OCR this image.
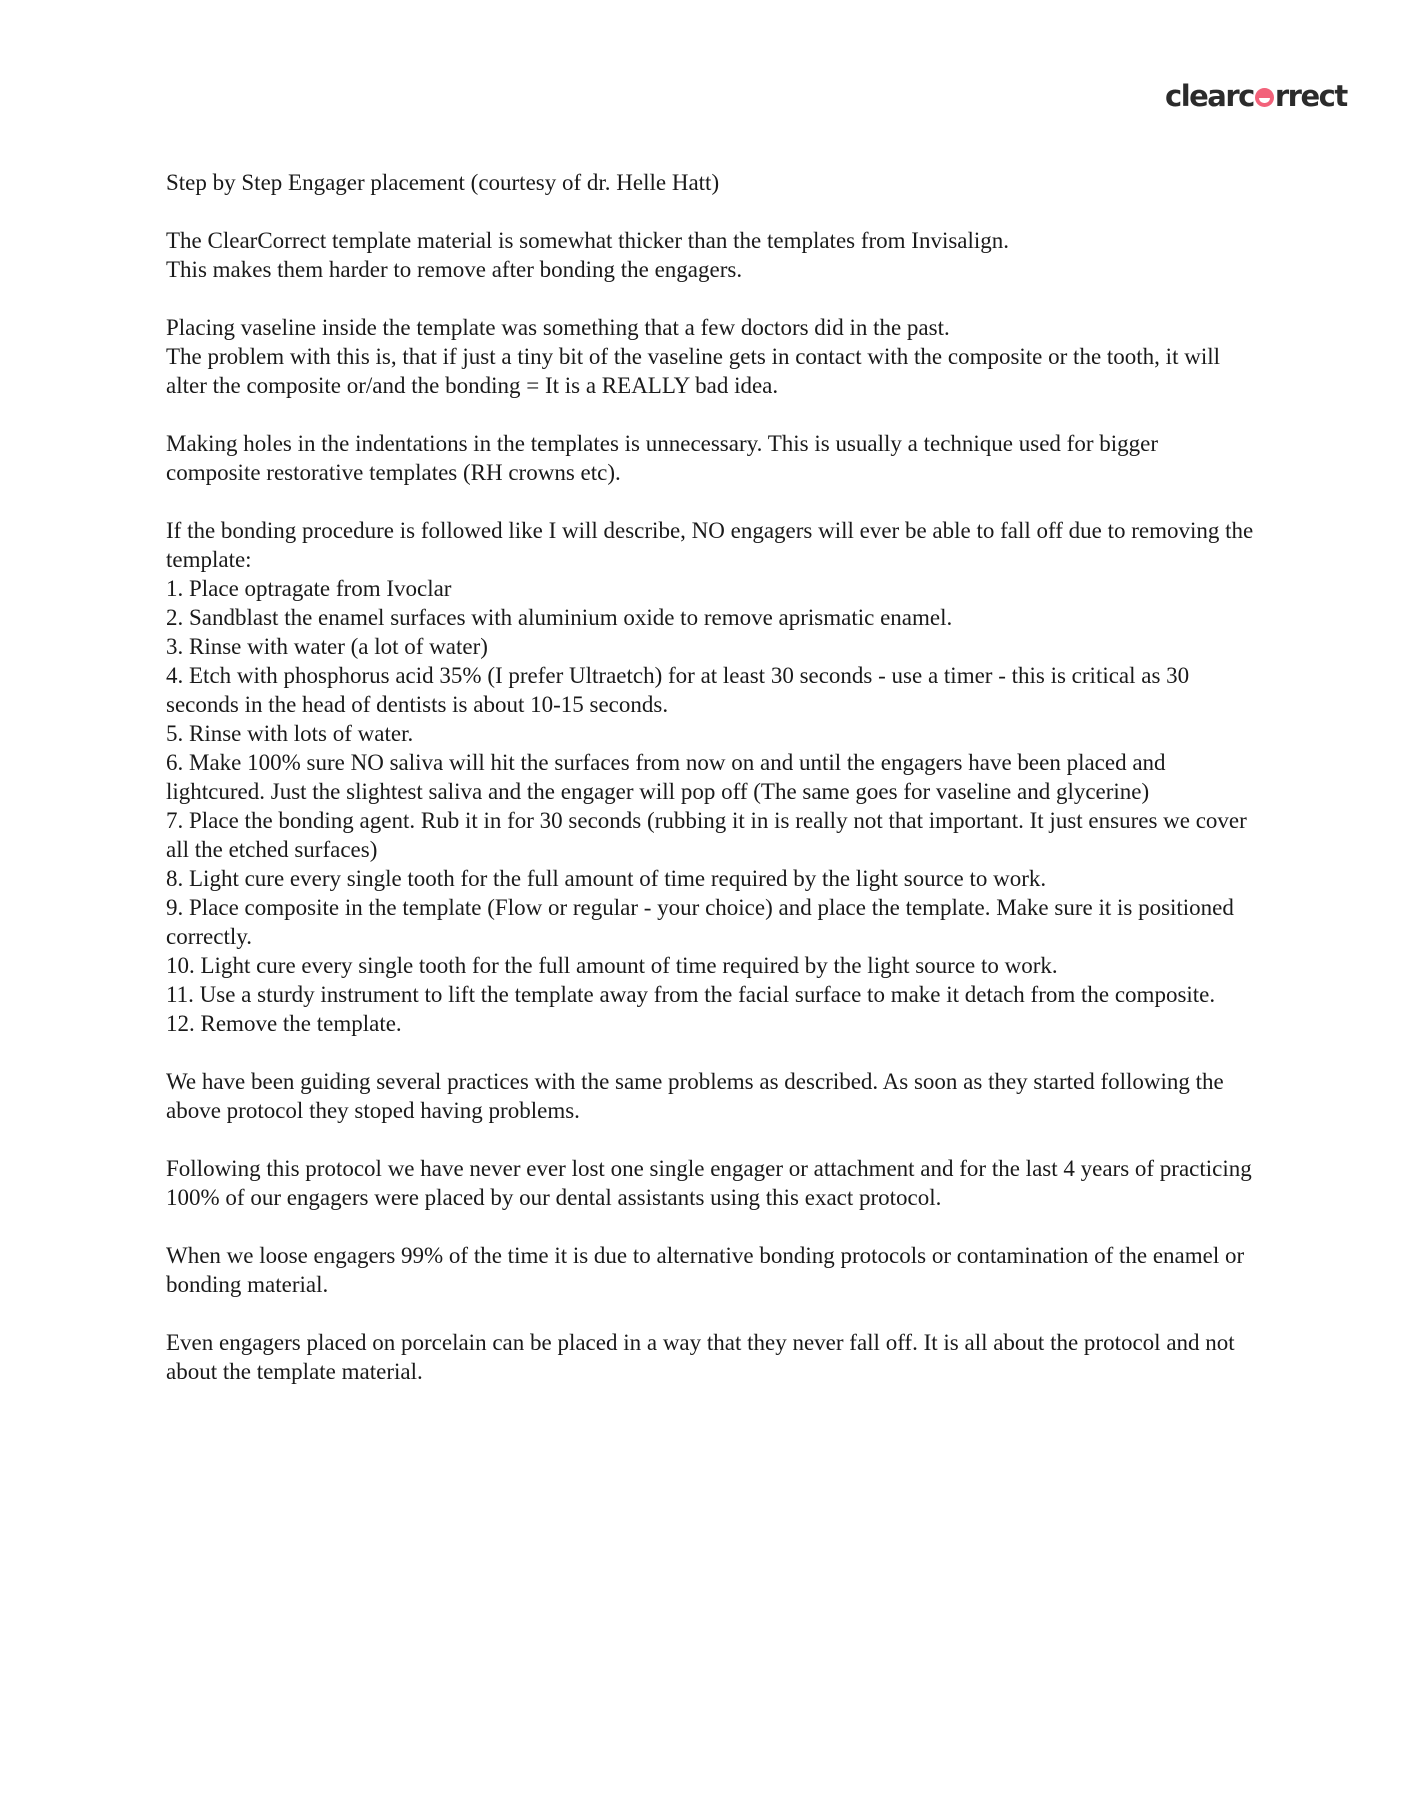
clearc rrect

Step by Step Engager placement (courtesy of dr. Helle Hatt)

The ClearCorrect template material is somewhat thicker than the templates from Invisalign.
This makes them harder to remove after bonding the engagers.

Placing vaseline inside the template was something that a few doctors did in the past.
The problem with this is, that if just a tiny bit of the vaseline gets in contact with the composite or the tooth, it will alter the composite or/and the bonding = It is a REALLY bad idea.

Making holes in the indentations in the templates is unnecessary. This is usually a technique used for bigger composite restorative templates (RH crowns etc).

If the bonding procedure is followed like I will describe, NO engagers will ever be able to fall off due to removing the template:
1. Place optragate from Ivoclar
2. Sandblast the enamel surfaces with aluminium oxide to remove aprismatic enamel.
3. Rinse with water (a lot of water)
4. Etch with phosphorus acid 35% (I prefer Ultraetch) for at least 30 seconds - use a timer - this is critical as 30 seconds in the head of dentists is about 10-15 seconds.
5. Rinse with lots of water.
6. Make 100% sure NO saliva will hit the surfaces from now on and until the engagers have been placed and lightcured. Just the slightest saliva and the engager will pop off (The same goes for vaseline and glycerine)
7. Place the bonding agent. Rub it in for 30 seconds (rubbing it in is really not that important. It just ensures we cover all the etched surfaces)
8. Light cure every single tooth for the full amount of time required by the light source to work.
9. Place composite in the template (Flow or regular - your choice) and place the template. Make sure it is positioned correctly.
10. Light cure every single tooth for the full amount of time required by the light source to work.
11. Use a sturdy instrument to lift the template away from the facial surface to make it detach from the composite.
12. Remove the template.

We have been guiding several practices with the same problems as described. As soon as they started following the above protocol they stoped having problems.

Following this protocol we have never ever lost one single engager or attachment and for the last 4 years of practicing 100% of our engagers were placed by our dental assistants using this exact protocol.

When we loose engagers 99% of the time it is due to alternative bonding protocols or contamination of the enamel or bonding material.

Even engagers placed on porcelain can be placed in a way that they never fall off. It is all about the protocol and not about the template material.
